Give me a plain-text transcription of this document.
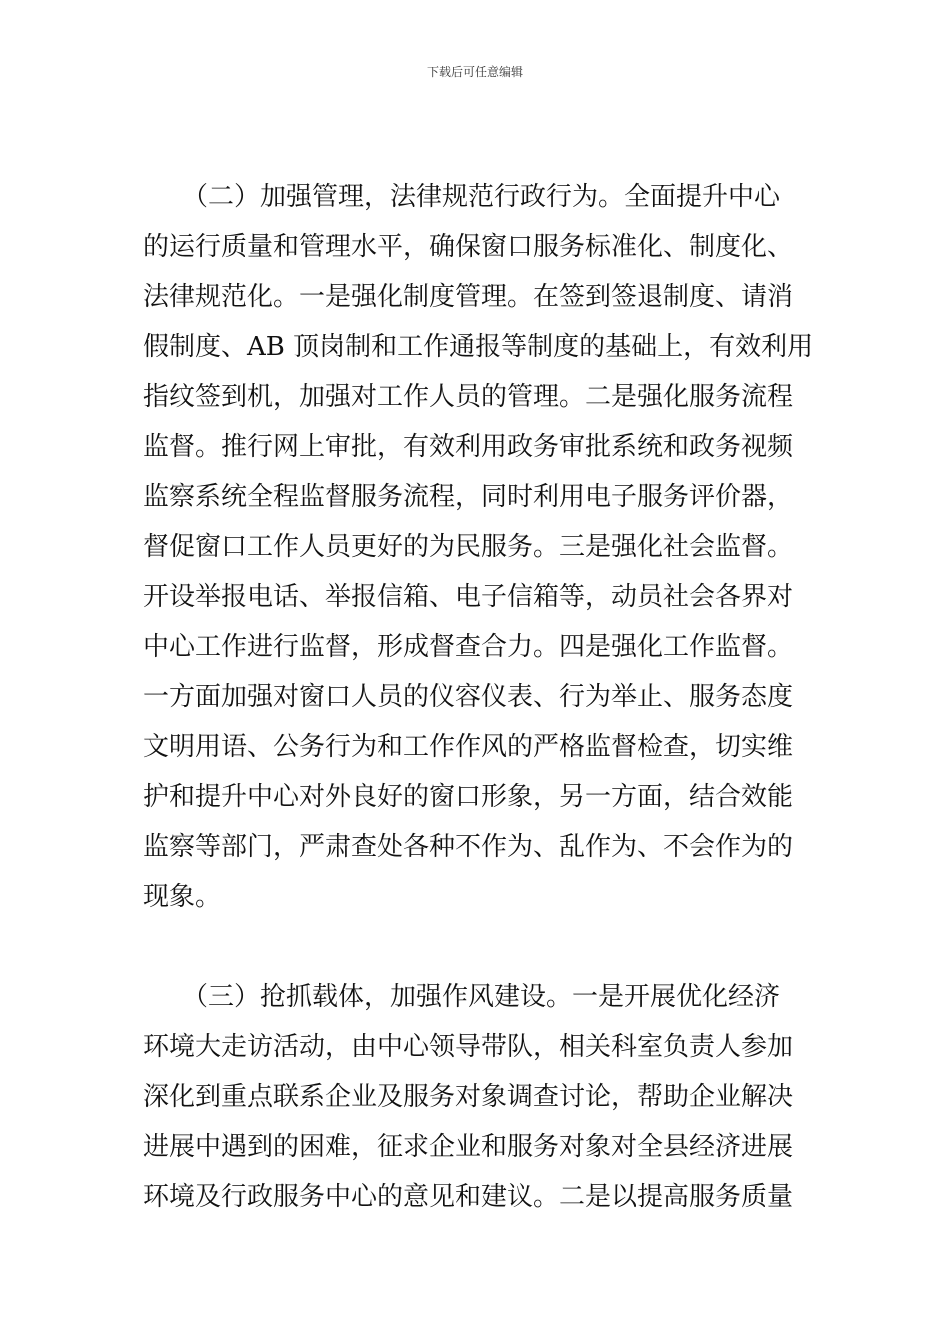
下载后可任意编辑
　　（二）加强管理，法律规范行政行为。全面提升中心
的运行质量和管理水平，确保窗口服务标准化、制度化、
法律规范化。一是强化制度管理。在签到签退制度、请消
假制度、AB 顶岗制和工作通报等制度的基础上，有效利用
指纹签到机，加强对工作人员的管理。二是强化服务流程
监督。推行网上审批，有效利用政务审批系统和政务视频
监察系统全程监督服务流程，同时利用电子服务评价器，
督促窗口工作人员更好的为民服务。三是强化社会监督。
开设举报电话、举报信箱、电子信箱等，动员社会各界对
中心工作进行监督，形成督查合力。四是强化工作监督。
一方面加强对窗口人员的仪容仪表、行为举止、服务态度
文明用语、公务行为和工作作风的严格监督检查，切实维
护和提升中心对外良好的窗口形象，另一方面，结合效能
监察等部门，严肃查处各种不作为、乱作为、不会作为的
现象。
　　（三）抢抓载体，加强作风建设。一是开展优化经济
环境大走访活动，由中心领导带队，相关科室负责人参加
深化到重点联系企业及服务对象调查讨论，帮助企业解决
进展中遇到的困难，征求企业和服务对象对全县经济进展
环境及行政服务中心的意见和建议。二是以提高服务质量
